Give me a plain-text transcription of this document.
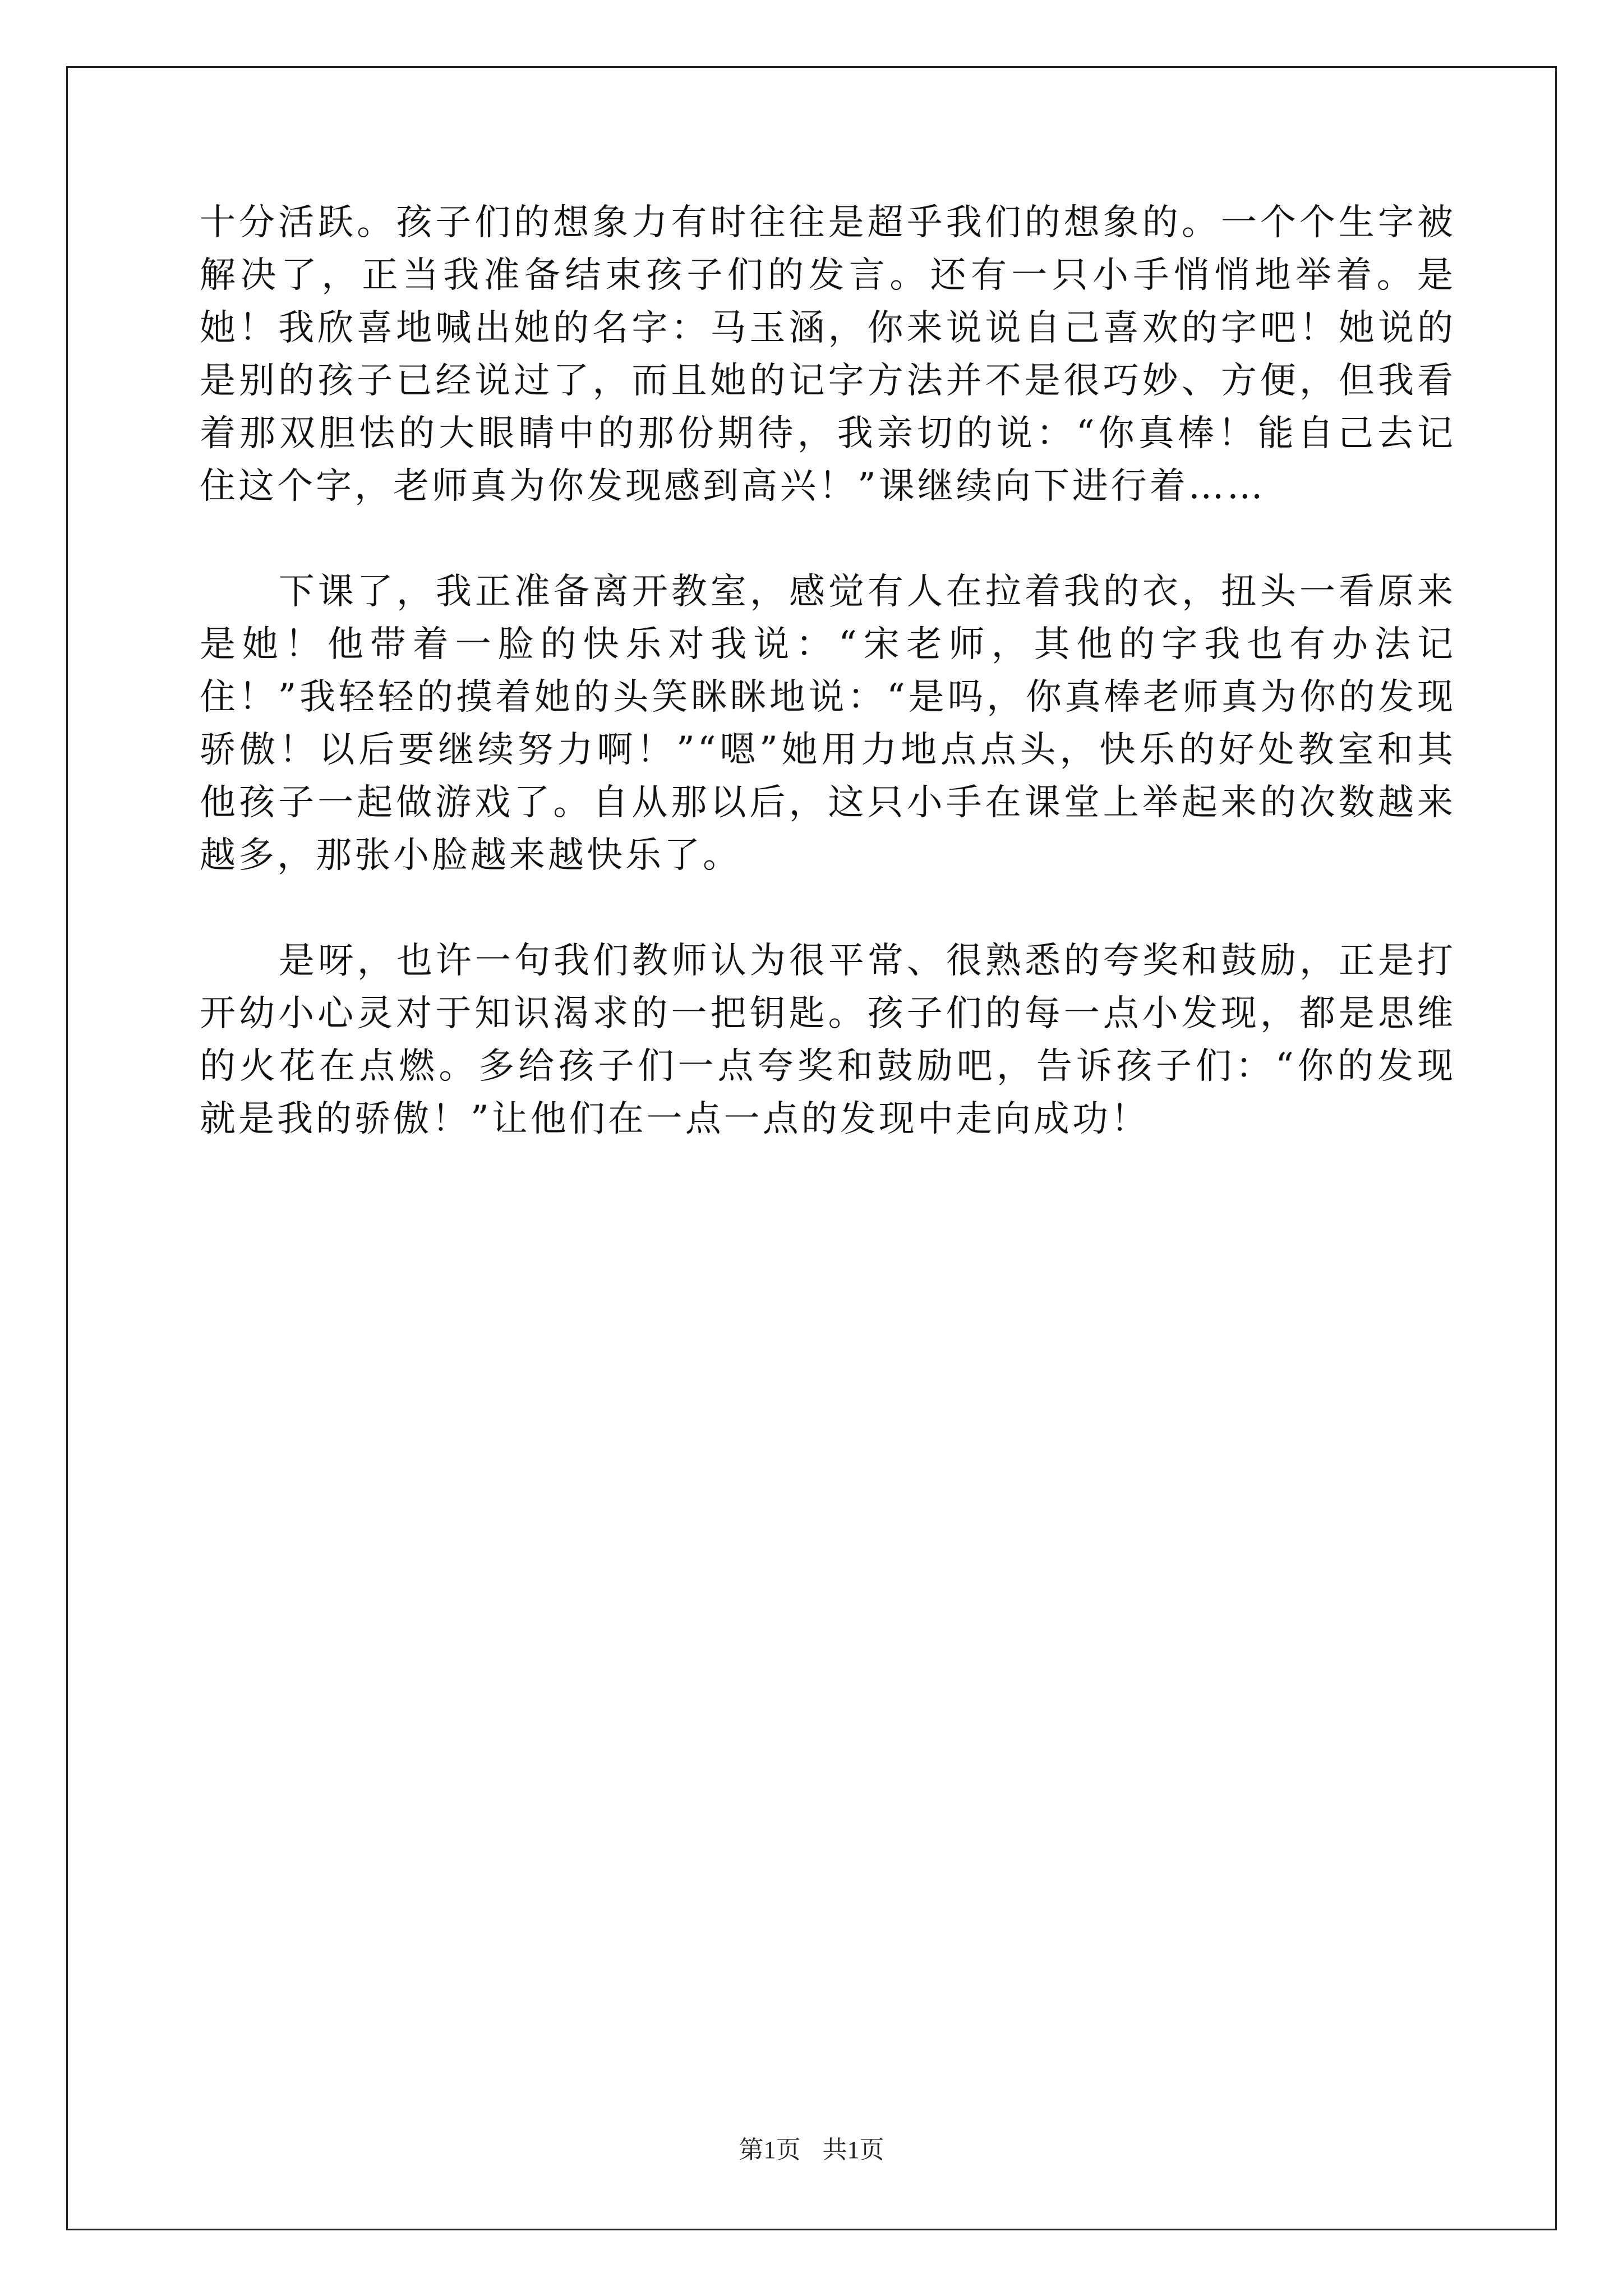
十分活跃。孩子们的想象力有时往往是超乎我们的想象的。一个个生字被解决了，正当我准备结束孩子们的发言。还有一只小手悄悄地举着。是她！我欣喜地喊出她的名字：马玉涵，你来说说自己喜欢的字吧！她说的是别的孩子已经说过了，而且她的记字方法并不是很巧妙、方便，但我看着那双胆怯的大眼睛中的那份期待，我亲切的说：“你真棒！能自己去记住这个字，老师真为你发现感到高兴！”课继续向下进行着……

下课了，我正准备离开教室，感觉有人在拉着我的衣，扭头一看原来是她！他带着一脸的快乐对我说：“宋老师，其他的字我也有办法记住！”我轻轻的摸着她的头笑眯眯地说：“是吗，你真棒老师真为你的发现骄傲！以后要继续努力啊！”“嗯”她用力地点点头，快乐的好处教室和其他孩子一起做游戏了。自从那以后，这只小手在课堂上举起来的次数越来越多，那张小脸越来越快乐了。

是呀，也许一句我们教师认为很平常、很熟悉的夸奖和鼓励，正是打开幼小心灵对于知识渴求的一把钥匙。孩子们的每一点小发现，都是思维的火花在点燃。多给孩子们一点夸奖和鼓励吧，告诉孩子们：“你的发现就是我的骄傲！”让他们在一点一点的发现中走向成功！

第1页 共1页
